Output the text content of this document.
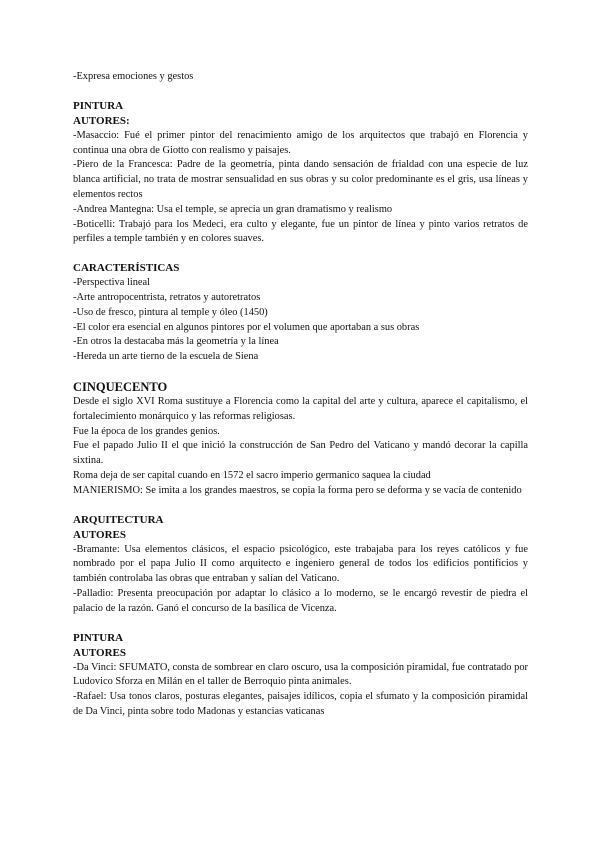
-Expresa emociones y gestos

PINTURA

AUTORES:

-Masaccio: Fué el primer pintor del renacimiento amigo de los arquitectos que trabajó en Florencia y continua una obra de Giotto con realismo y paisajes.

-Piero de la Francesca: Padre de la geometría, pinta dando sensación de frialdad con una especie de luz blanca artificial, no trata de mostrar sensualidad en sus obras y su color predominante es el gris, usa líneas y elementos rectos

-Andrea Mantegna: Usa el temple, se aprecia un gran dramatismo y realismo

-Boticelli: Trabajó para los Medeci, era culto y elegante, fue un pintor de línea y pinto varios retratos de perfiles a temple también y en colores suaves.

CARACTERÍSTICAS

-Perspectiva lineal

-Arte antropocentrista, retratos y autoretratos

-Uso de fresco, pintura al temple y óleo (1450)

-El color era esencial en algunos pintores por el volumen que aportaban a sus obras

-En otros la destacaba más la geometría y la línea

-Hereda un arte tierno de la escuela de Siena

CINQUECENTO

Desde el siglo XVI Roma sustituye a Florencia como la capital del arte y cultura, aparece el capitalismo, el fortalecimiento monárquico y las reformas religiosas.

Fue la época de los grandes genios.

Fue el papado Julio II el que inició la construcción de San Pedro del Vaticano y mandó decorar la capilla sixtina.

Roma deja de ser capital cuando en 1572 el sacro imperio germanico saquea la ciudad

MANIERISMO: Se imita a los grandes maestros, se copia la forma pero se deforma y se vacía de contenido

ARQUITECTURA

AUTORES

-Bramante: Usa elementos clásicos, el espacio psicológico, este trabajaba para los reyes católicos y fue nombrado por el papa Julio II como arquitecto e ingeniero general de todos los edificios pontificios y también controlaba las obras que entraban y salían del Vaticano.

-Palladio: Presenta preocupación por adaptar lo clásico a lo moderno, se le encargó revestir de piedra el palacio de la razón. Ganó el concurso de la basílica de Vicenza.

PINTURA

AUTORES

-Da Vinci: SFUMATO, consta de sombrear en claro oscuro, usa la composición piramidal, fue contratado por Ludovico Sforza en Milán en el taller de Berroquio pinta animales.

-Rafael: Usa tonos claros, posturas elegantes, paisajes idílicos, copia el sfumato y la composición piramidal de Da Vinci, pinta sobre todo Madonas y estancias vaticanas
